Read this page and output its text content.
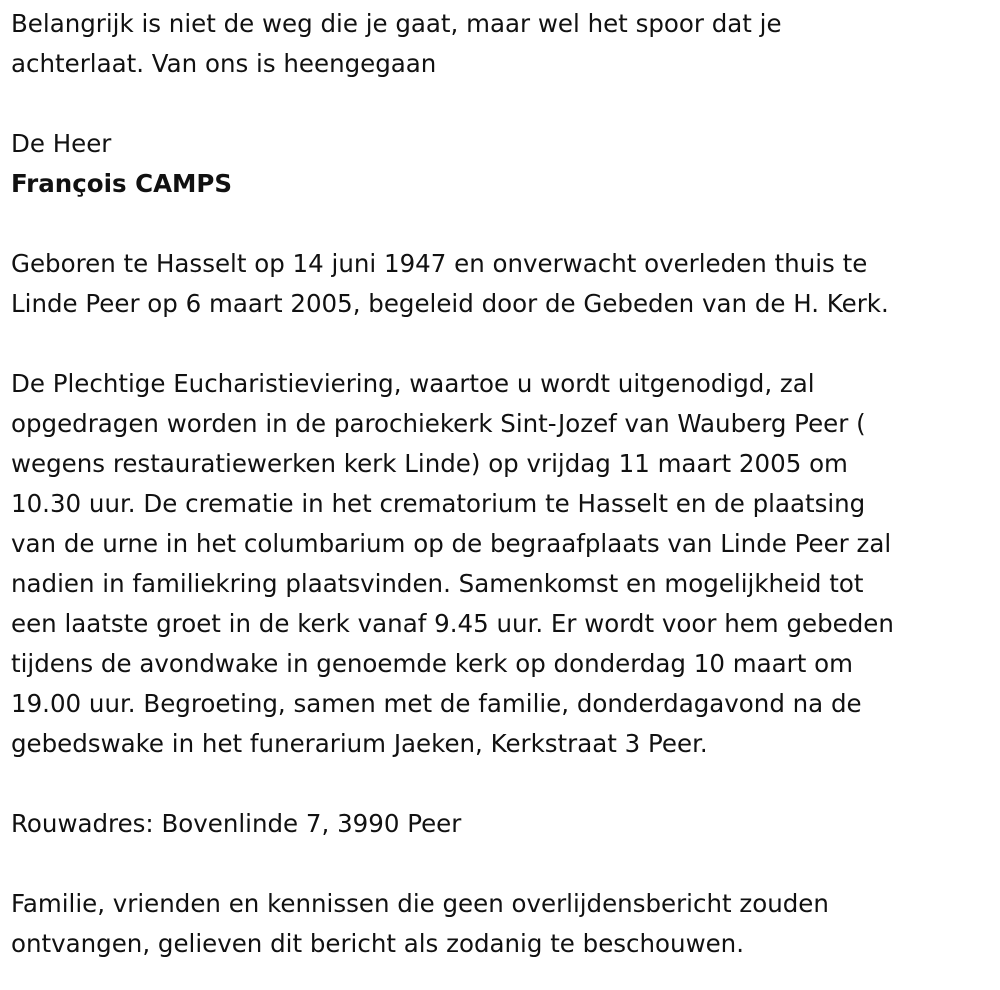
Belangrijk is niet de weg die je gaat, maar wel het spoor dat je

achterlaat. Van ons is heengegaan

De Heer

François CAMPS

Geboren te Hasselt op 14 juni 1947 en onverwacht overleden thuis te

Linde Peer op 6 maart 2005, begeleid door de Gebeden van de H. Kerk.

De Plechtige Eucharistieviering, waartoe u wordt uitgenodigd, zal

opgedragen worden in de parochiekerk Sint-Jozef van Wauberg Peer (

wegens restauratiewerken kerk Linde) op vrijdag 11 maart 2005 om

10.30 uur. De crematie in het crematorium te Hasselt en de plaatsing

van de urne in het columbarium op de begraafplaats van Linde Peer zal

nadien in familiekring plaatsvinden. Samenkomst en mogelijkheid tot

een laatste groet in de kerk vanaf 9.45 uur. Er wordt voor hem gebeden

tijdens de avondwake in genoemde kerk op donderdag 10 maart om

19.00 uur. Begroeting, samen met de familie, donderdagavond na de

gebedswake in het funerarium Jaeken, Kerkstraat 3 Peer.

Rouwadres: Bovenlinde 7, 3990 Peer

Familie, vrienden en kennissen die geen overlijdensbericht zouden

ontvangen, gelieven dit bericht als zodanig te beschouwen.
